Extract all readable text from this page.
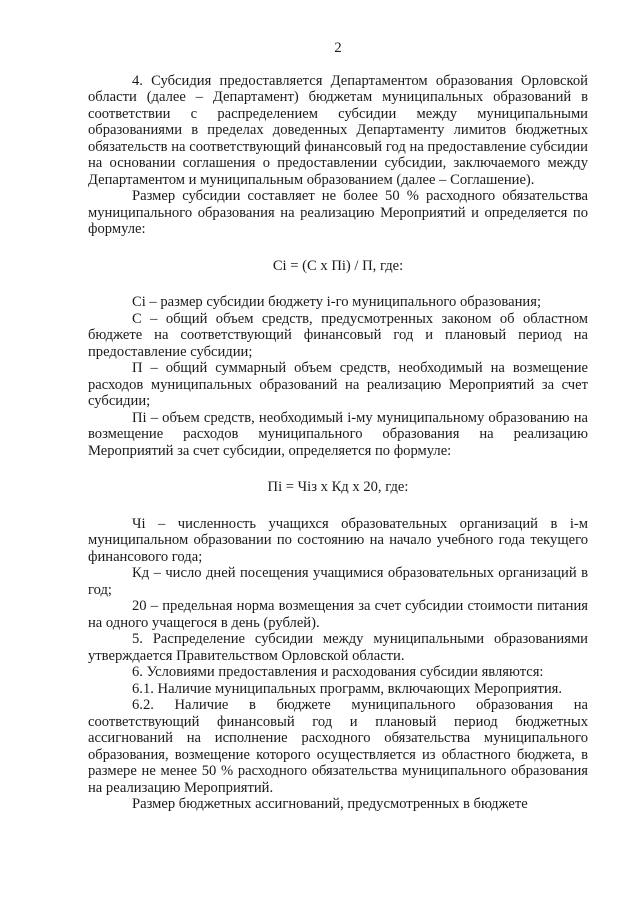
2

4. Субсидия предоставляется Департаментом образования Орловской области (далее – Департамент) бюджетам муниципальных образований в соответствии с распределением субсидии между муниципальными образованиями в пределах доведенных Департаменту лимитов бюджетных обязательств на соответствующий финансовый год на предоставление субсидии на основании соглашения о предоставлении субсидии, заключаемого между Департаментом и муниципальным образованием (далее – Соглашение).

Размер субсидии составляет не более 50 % расходного обязательства муниципального образования на реализацию Мероприятий и определяется по формуле:

Ci = (C x Пi) / П, где:

Ci – размер субсидии бюджету i-го муниципального образования;

С – общий объем средств, предусмотренных законом об областном бюджете на соответствующий финансовый год и плановый период на предоставление субсидии;

П – общий суммарный объем средств, необходимый на возмещение расходов муниципальных образований на реализацию Мероприятий за счет субсидии;

Пi – объем средств, необходимый i-му муниципальному образованию на возмещение расходов муниципального образования на реализацию Мероприятий за счет субсидии, определяется по формуле:

Пi = Чiз x Кд x 20, где:

Чi – численность учащихся образовательных организаций в i-м муниципальном образовании по состоянию на начало учебного года текущего финансового года;

Кд – число дней посещения учащимися образовательных организаций в год;

20 – предельная норма возмещения за счет субсидии стоимости питания на одного учащегося в день (рублей).

5. Распределение субсидии между муниципальными образованиями утверждается Правительством Орловской области.

6. Условиями предоставления и расходования субсидии являются:

6.1. Наличие муниципальных программ, включающих Мероприятия.

6.2. Наличие в бюджете муниципального образования на соответствующий финансовый год и плановый период бюджетных ассигнований на исполнение расходного обязательства муниципального образования, возмещение которого осуществляется из областного бюджета, в размере не менее 50 % расходного обязательства муниципального образования на реализацию Мероприятий.

Размер бюджетных ассигнований, предусмотренных в бюджете
